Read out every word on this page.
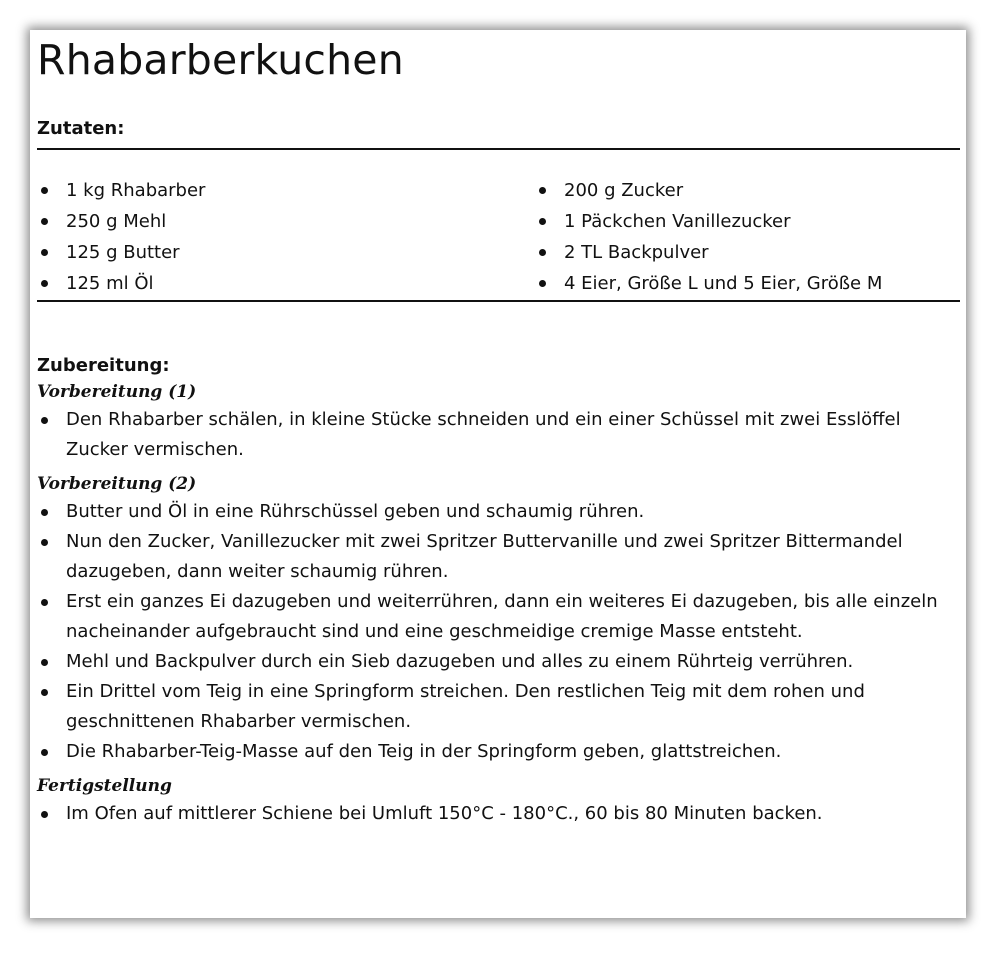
Rhabarberkuchen
Zutaten:
1 kg Rhabarber
250 g Mehl
125 g Butter
125 ml Öl
200 g Zucker
1 Päckchen Vanillezucker
2 TL Backpulver
4 Eier, Größe L und 5 Eier, Größe M
Zubereitung:
Vorbereitung (1)
Den Rhabarber schälen, in kleine Stücke schneiden und ein einer Schüssel mit zwei Esslöffel Zucker vermischen.
Vorbereitung (2)
Butter und Öl in eine Rührschüssel geben und schaumig rühren.
Nun den Zucker, Vanillezucker mit zwei Spritzer Buttervanille und zwei Spritzer Bittermandel dazugeben, dann weiter schaumig rühren.
Erst ein ganzes Ei dazugeben und weiterrühren, dann ein weiteres Ei dazugeben, bis alle einzeln nacheinander aufgebraucht sind und eine geschmeidige cremige Masse entsteht.
Mehl und Backpulver durch ein Sieb dazugeben und alles zu einem Rührteig verrühren.
Ein Drittel vom Teig in eine Springform streichen. Den restlichen Teig mit dem rohen und geschnittenen Rhabarber vermischen.
Die Rhabarber-Teig-Masse auf den Teig in der Springform geben, glattstreichen.
Fertigstellung
Im Ofen auf mittlerer Schiene bei Umluft 150°C - 180°C., 60 bis 80 Minuten backen.
